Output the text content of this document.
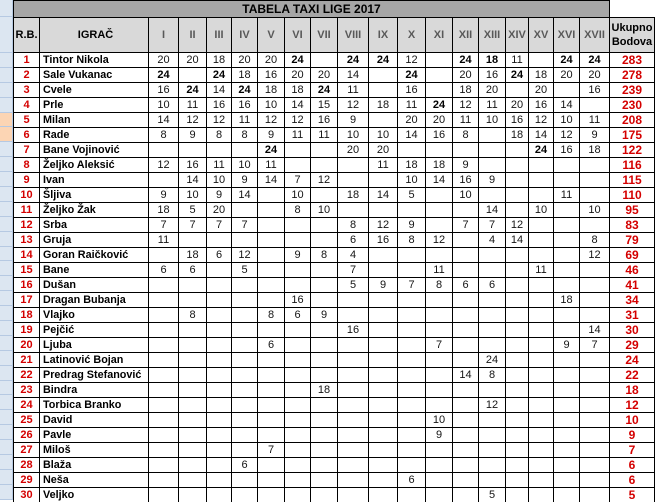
TABELA TAXI LIGE 2017																			
R.B.	IGRAČ	I	II	III	IV	V	VI	VII	VIII	IX	X	XI	XII	XIII	XIV	XV	XVI	XVII	Ukupno
Bodova

1	Tintor Nikola	20	20	18	20	20	24		24	24	12		24	18	11		24	24	283
2	Sale Vukanac	24		24	18	16	20	20	14		24		20	16	24	18	20	20	278
3	Cvele	16	24	14	24	18	18	24	11		16		18	20		20		16	239
4	Prle	10	11	16	16	10	14	15	12	18	11	24	12	11	20	16	14		230
5	Milan	14	12	12	11	12	12	16	9		20	20	11	10	16	12	10	11	208
6	Rade	8	9	8	8	9	11	11	10	10	14	16	8		18	14	12	9	175
7	Bane Vojinović					24			20	20						24	16	18	122
8	Željko Aleksić	12	16	11	10	11				11	18	18	9						116
9	Ivan		14	10	9	14	7	12			10	14	16	9					115
10	Šljiva	9	10	9	14		10		18	14	5		10				11		110
11	Željko Žak	18	5	20			8	10						14		10		10	95
12	Srba	7	7	7	7				8	12	9		7	7	12				83
13	Gruja	11							6	16	8	12		4	14			8	79
14	Goran Raičković		18	6	12		9	8	4									12	69
15	Bane	6	6		5				7			11				11			46
16	Dušan								5	9	7	8	6	6					41
17	Dragan Bubanja						16										18		34
18	Vlajko		8			8	6	9											31
19	Pejčić								16									14	30
20	Ljuba					6						7					9	7	29
21	Latinović Bojan													24					24
22	Predrag Stefanović												14	8					22
23	Bindra							18											18
24	Torbica Branko													12					12
25	David											10							10
26	Pavle											9							9
27	Miloš					7													7
28	Blaža				6														6
29	Neša										6								6
30	Veljko													5					5
